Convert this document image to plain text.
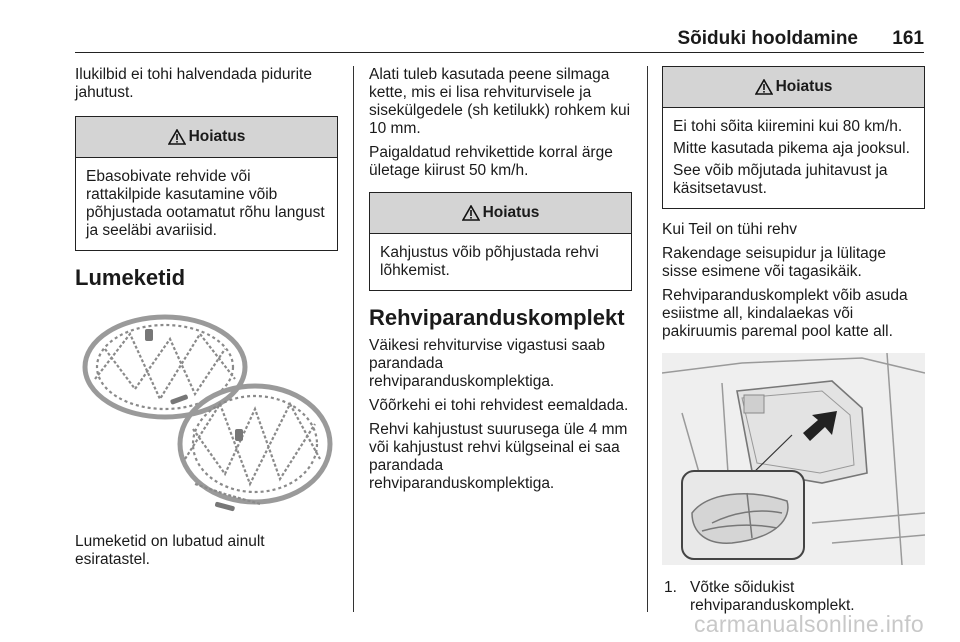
Sõiduki hooldamine 161

Ilukilbid ei tohi halvendada pidurite jahutust.

Hoiatus

Ebasobivate rehvide või rattakilpide kasutamine võib põhjustada ootamatut rõhu langust ja seeläbi avariisid.

Lumeketid

Lumeketid on lubatud ainult esiratastel.

Alati tuleb kasutada peene silmaga kette, mis ei lisa rehviturvisele ja sisekülgedele (sh ketilukk) rohkem kui 10 mm.

Paigaldatud rehvikettide korral ärge ületage kiirust 50 km/h.

Hoiatus

Kahjustus võib põhjustada rehvi lõhkemist.

Rehviparanduskomplekt

Väikesi rehviturvise vigastusi saab parandada rehviparanduskomplektiga.

Võõrkehi ei tohi rehvidest eemaldada.

Rehvi kahjustust suurusega üle 4 mm või kahjustust rehvi külgseinal ei saa parandada rehviparanduskomplektiga.

Hoiatus

Ei tohi sõita kiiremini kui 80 km/h.

Mitte kasutada pikema aja jooksul.

See võib mõjutada juhitavust ja käsitsetavust.

Kui Teil on tühi rehv

Rakendage seisupidur ja lülitage sisse esimene või tagasikäik.

Rehviparanduskomplekt võib asuda esiistme all, kindalaekas või pakiruumis paremal pool katte all.

1. Võtke sõidukist rehviparanduskomplekt.
carmanualsonline.info
